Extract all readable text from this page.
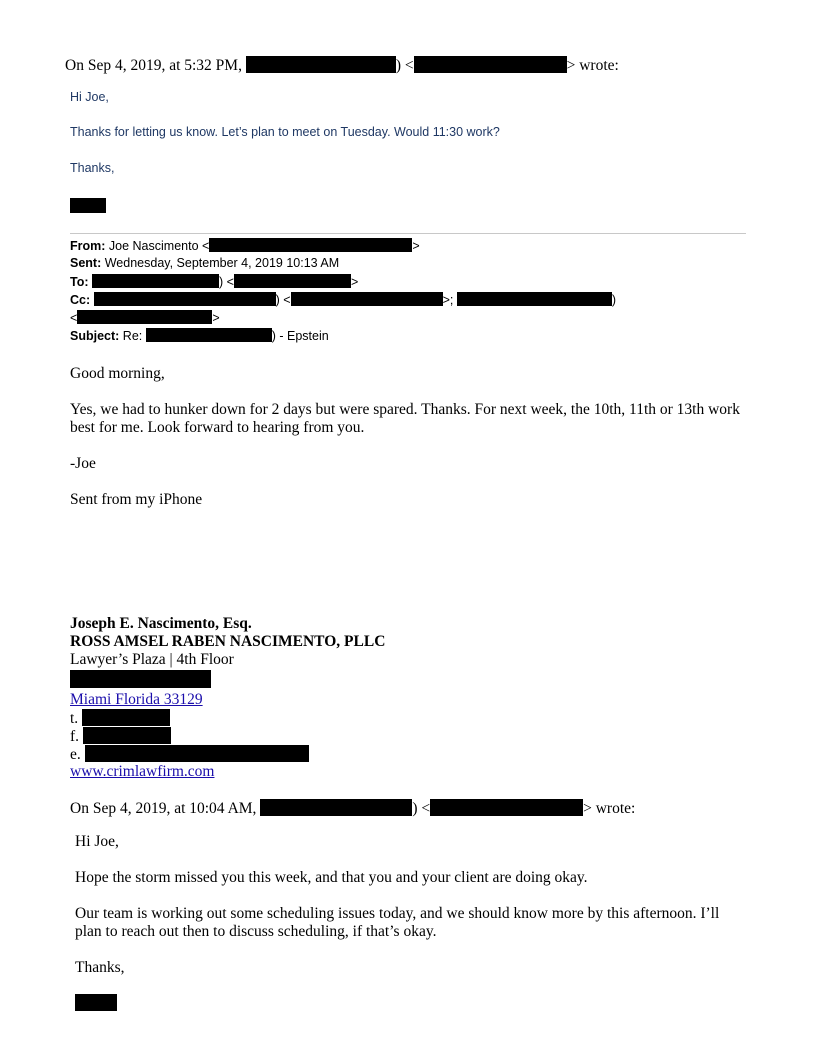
On Sep 4, 2019, at 5:32 PM,	) <	> wrote:
Hi Joe,
Thanks for letting us know. Let’s plan to meet on Tuesday. Would 11:30 work?
Thanks,
From: Joe Nascimento <	>
Sent: Wednesday, September 4, 2019 10:13 AM
To:	) <	>
Cc:	) <	>;	)
<	>
Subject: Re:	) - Epstein
Good morning,
Yes, we had to hunker down for 2 days but were spared. Thanks. For next week, the 10th, 11th or 13th work best for me. Look forward to hearing from you.
-Joe
Sent from my iPhone
Joseph E. Nascimento, Esq.
ROSS AMSEL RABEN NASCIMENTO, PLLC
Lawyer’s Plaza | 4th Floor
Miami Florida 33129
t.
f.
e.
www.crimlawfirm.com
On Sep 4, 2019, at 10:04 AM,	) <	> wrote:
Hi Joe,
Hope the storm missed you this week, and that you and your client are doing okay.
Our team is working out some scheduling issues today, and we should know more by this afternoon. I’ll plan to reach out then to discuss scheduling, if that’s okay.
Thanks,
